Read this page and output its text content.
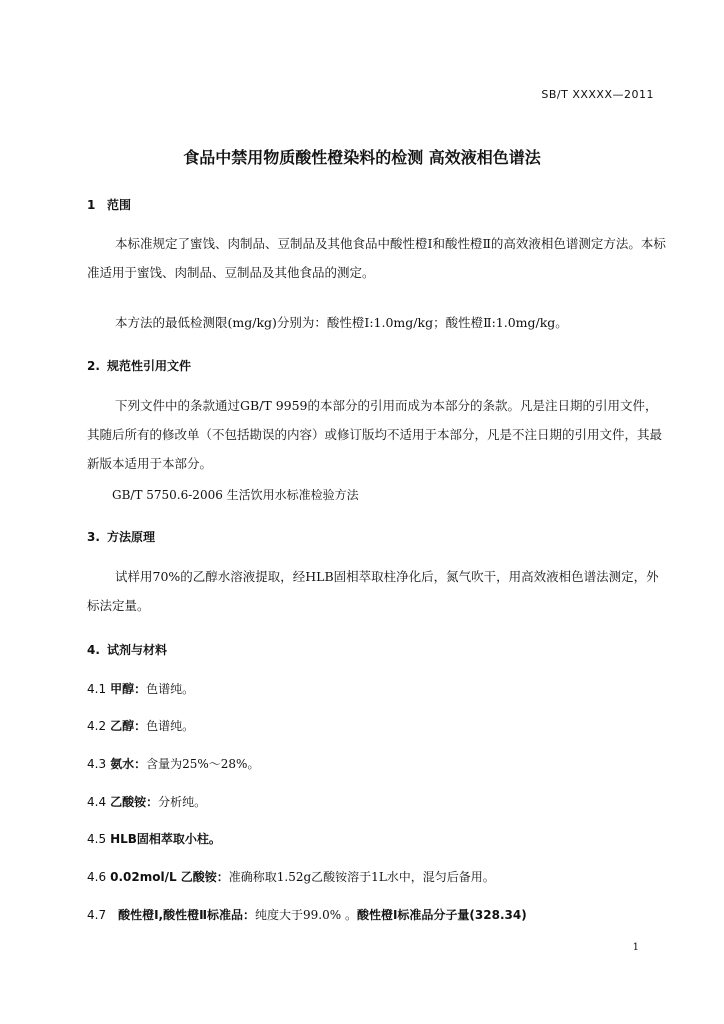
SB/T XXXXX—2011
食品中禁用物质酸性橙染料的检测 高效液相色谱法
1 范围

本标准规定了蜜饯、肉制品、豆制品及其他食品中酸性橙Ⅰ和酸性橙Ⅱ的高效液相色谱测定方法。本标准适用于蜜饯、肉制品、豆制品及其他食品的测定。

本方法的最低检测限(mg/kg)分别为：酸性橙Ⅰ:1.0mg/kg；酸性橙Ⅱ:1.0mg/kg。

2. 规范性引用文件

下列文件中的条款通过GB/T 9959的本部分的引用而成为本部分的条款。凡是注日期的引用文件，其随后所有的修改单（不包括勘误的内容）或修订版均不适用于本部分，凡是不注日期的引用文件，其最新版本适用于本部分。

GB/T 5750.6-2006 生活饮用水标准检验方法
3. 方法原理

试样用70%的乙醇水溶液提取，经HLB固相萃取柱净化后，氮气吹干，用高效液相色谱法测定，外标法定量。

4. 试剂与材料
4.1 甲醇：色谱纯。
4.2 乙醇：色谱纯。
4.3 氨水：含量为25%～28%。
4.4 乙酸铵：分析纯。
4.5 HLB固相萃取小柱。
4.6 0.02mol/L 乙酸铵：准确称取1.52g乙酸铵溶于1L水中，混匀后备用。
4.7 酸性橙Ⅰ,酸性橙Ⅱ标准品：纯度大于99.0% 。酸性橙Ⅰ标准品分子量(328.34)
1
